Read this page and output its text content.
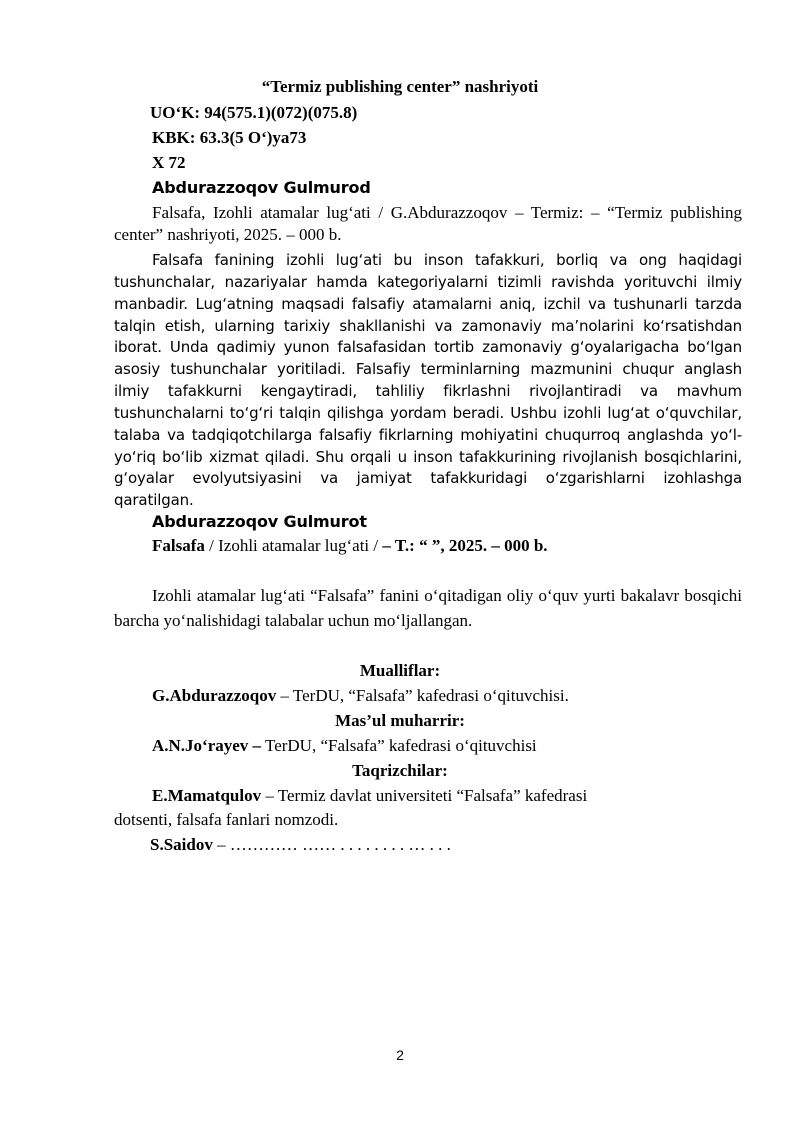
“Termiz publishing center” nashriyoti
UO‘K: 94(575.1)(072)(075.8)
KBK: 63.3(5 O‘)ya73
X 72
Abdurazzoqov Gulmurod

Falsafa, Izohli atamalar lug‘ati / G.Abdurazzoqov – Termiz: – “Termiz publishing center” nashriyoti, 2025. – 000 b.

Falsafa fanining izohli lug‘ati bu inson tafakkuri, borliq va ong haqidagi tushunchalar, nazariyalar hamda kategoriyalarni tizimli ravishda yorituvchi ilmiy manbadir. Lug‘atning maqsadi falsafiy atamalarni aniq, izchil va tushunarli tarzda talqin etish, ularning tarixiy shakllanishi va zamonaviy ma’nolarini ko‘rsatishdan iborat. Unda qadimiy yunon falsafasidan tortib zamonaviy g‘oyalarigacha bo‘lgan asosiy tushunchalar yoritiladi. Falsafiy terminlarning mazmunini chuqur anglash ilmiy tafakkurni kengaytiradi, tahliliy fikrlashni rivojlantiradi va mavhum tushunchalarni to‘g‘ri talqin qilishga yordam beradi. Ushbu izohli lug‘at o‘quvchilar, talaba va tadqiqotchilarga falsafiy fikrlarning mohiyatini chuqurroq anglashda yo‘l-yo‘riq bo‘lib xizmat qiladi. Shu orqali u inson tafakkurining rivojlanish bosqichlarini, g‘oyalar evolyutsiyasini va jamiyat tafakkuridagi o‘zgarishlarni izohlashga qaratilgan.

Abdurazzoqov Gulmurot
Falsafa / Izohli atamalar lug‘ati / – T.: “ ”, 2025. – 000 b.

Izohli atamalar lug‘ati “Falsafa” fanini o‘qitadigan oliy o‘quv yurti bakalavr bosqichi barcha yo‘nalishidagi talabalar uchun mo‘ljallangan.

Mualliflar:
G.Abdurazzoqov – TerDU, “Falsafa” kafedrasi o‘qituvchisi.
Mas’ul muharrir:
A.N.Jo‘rayev – TerDU, “Falsafa” kafedrasi o‘qituvchisi
Taqrizchilar:
E.Mamatqulov – Termiz davlat universiteti “Falsafa” kafedrasi
dotsenti, falsafa fanlari nomzodi.
S.Saidov – ………… …… . . . . . . . . … . . .
2
